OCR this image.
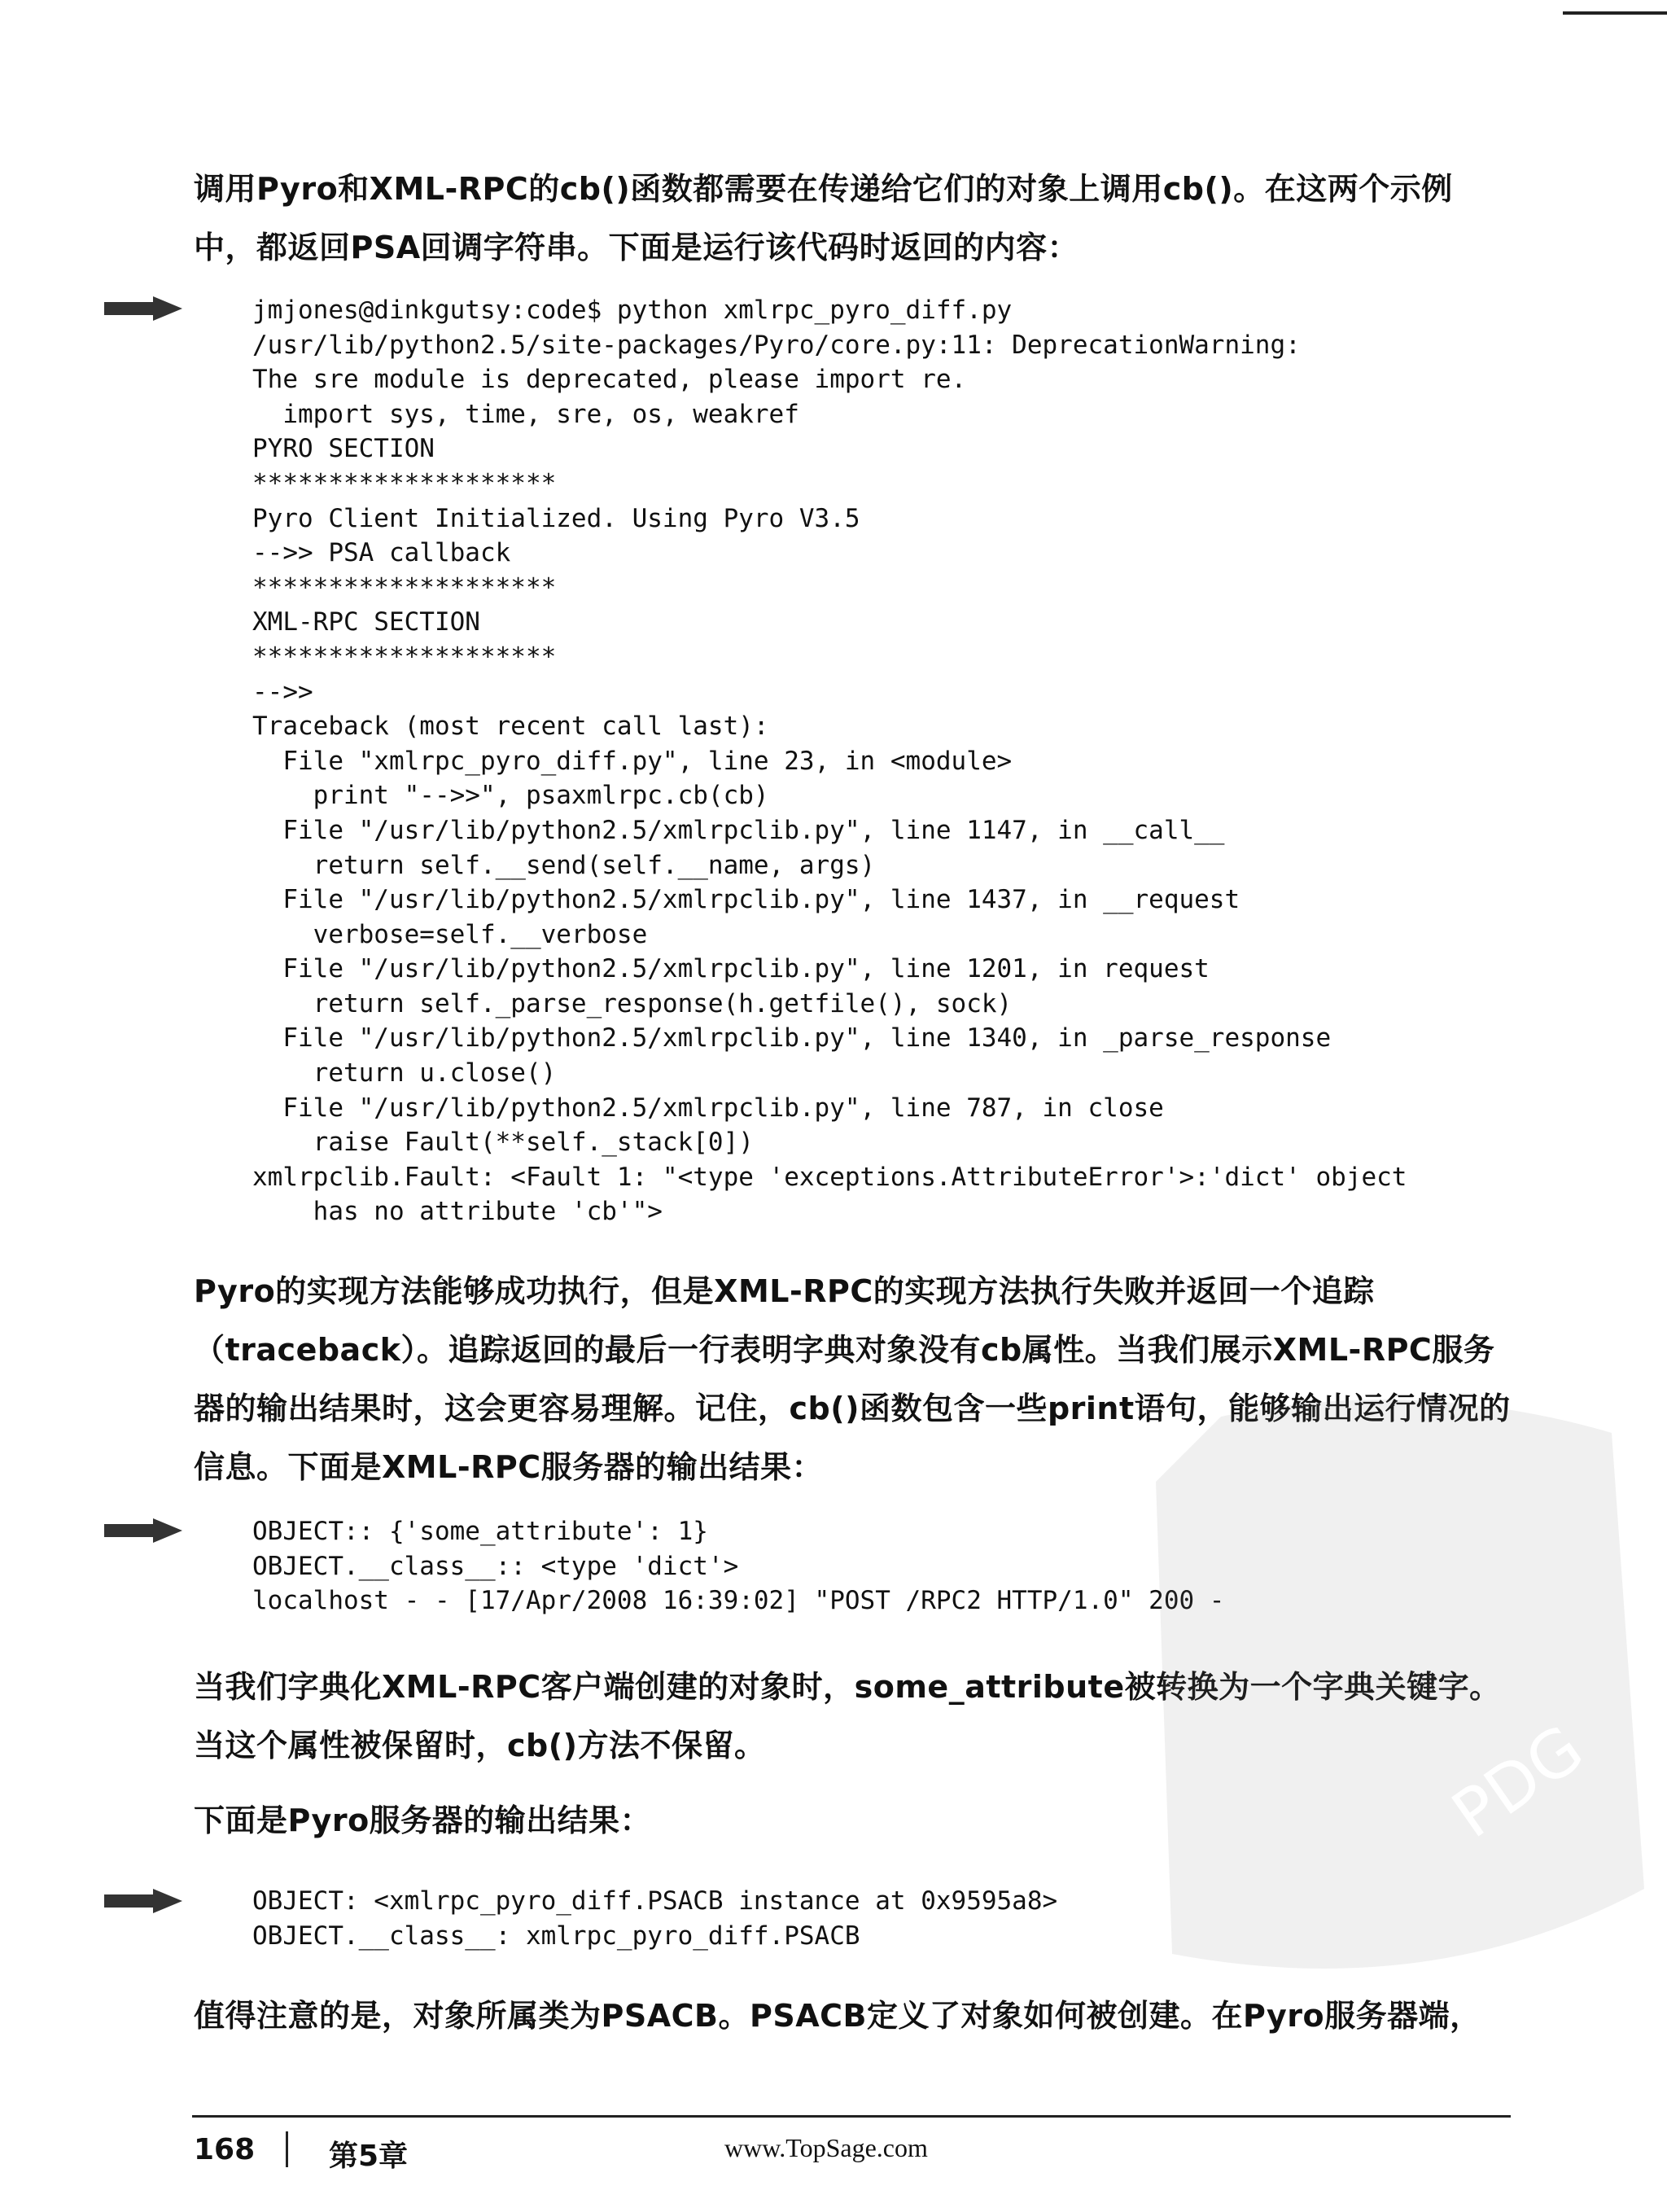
调用Pyro和XML-RPC的cb()函数都需要在传递给它们的对象上调用cb()。在这两个示例中，都返回PSA回调字符串。下面是运行该代码时返回的内容：

jmjones@dinkgutsy:code$ python xmlrpc_pyro_diff.py
/usr/lib/python2.5/site-packages/Pyro/core.py:11: DeprecationWarning:
The sre module is deprecated, please import re.
import sys, time, sre, os, weakref
PYRO SECTION
********************
Pyro Client Initialized. Using Pyro V3.5
-->> PSA callback
********************
XML-RPC SECTION
********************
-->>
Traceback (most recent call last):
File "xmlrpc_pyro_diff.py", line 23, in <module>
print "-->>", psaxmlrpc.cb(cb)
File "/usr/lib/python2.5/xmlrpclib.py", line 1147, in __call__
return self.__send(self.__name, args)
File "/usr/lib/python2.5/xmlrpclib.py", line 1437, in __request
verbose=self.__verbose
File "/usr/lib/python2.5/xmlrpclib.py", line 1201, in request
return self._parse_response(h.getfile(), sock)
File "/usr/lib/python2.5/xmlrpclib.py", line 1340, in _parse_response
return u.close()
File "/usr/lib/python2.5/xmlrpclib.py", line 787, in close
raise Fault(**self._stack[0])
xmlrpclib.Fault: <Fault 1: "<type 'exceptions.AttributeError'>:'dict' object
has no attribute 'cb'">

Pyro的实现方法能够成功执行，但是XML-RPC的实现方法执行失败并返回一个追踪（traceback）。追踪返回的最后一行表明字典对象没有cb属性。当我们展示XML-RPC服务器的输出结果时，这会更容易理解。记住，cb()函数包含一些print语句，能够输出运行情况的信息。下面是XML-RPC服务器的输出结果：

OBJECT:: {'some_attribute': 1}
OBJECT.__class__:: <type 'dict'>
localhost - - [17/Apr/2008 16:39:02] "POST /RPC2 HTTP/1.0"

当我们字典化XML-RPC客户端创建的对象时，some_attribute被转换为一个字典关键字。当这个属性被保留时，cb()方法不保留。

下面是Pyro服务器的输出结果：

OBJECT: <xmlrpc_pyro_diff.PSACB instance at 0x9595a8>
OBJECT.__class__: xmlrpc_pyro_diff.PSACB

值得注意的是，对象所属类为PSACB。PSACB定义了对象如何被创建。在Pyro服务器端，

PDG
168	第5章	www.TopSage.com
